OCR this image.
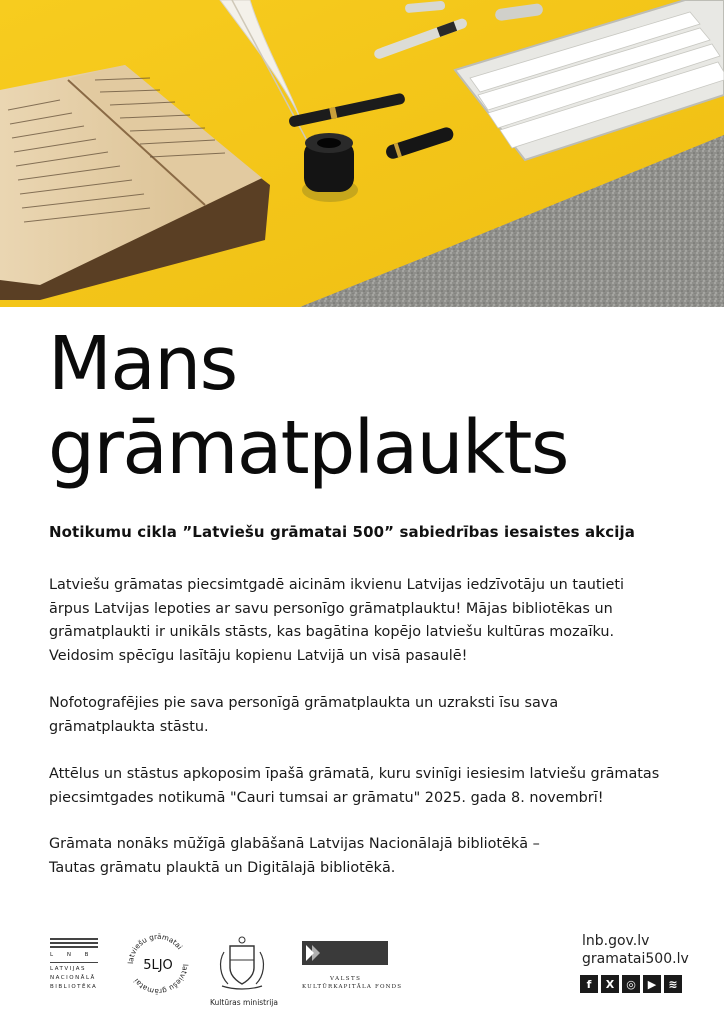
Mans
grāmatplaukts
Notikumu cikla ”Latviešu grāmatai 500” sabiedrības iesaistes akcija

Latviešu grāmatas piecsimtgadē aicinām ikvienu Latvijas iedzīvotāju un tautieti
ārpus Latvijas lepoties ar savu personīgo grāmatplauktu! Mājas bibliotēkas un
grāmatplaukti ir unikāls stāsts, kas bagātina kopējo latviešu kultūras mozaīku.
Veidosim spēcīgu lasītāju kopienu Latvijā un visā pasaulē!

Nofotografējies pie sava personīgā grāmatplaukta un uzraksti īsu sava
grāmatplaukta stāstu.

Attēlus un stāstus apkoposim īpašā grāmatā, kuru svinīgi iesiesim latviešu grāmatas
piecsimtgades notikumā "Cauri tumsai ar grāmatu" 2025. gada 8. novembrī!

Grāmata nonāks mūžīgā glabāšanā Latvijas Nacionālajā bibliotēkā –
Tautas grāmatu plauktā un Digitālajā bibliotēkā.

L N B
LATVIJAS
NACIONĀLĀ
BIBLIOTĒKA
latviešu grāmatai
latviešu grāmatai
5LJO
Kultūras ministrija
VALSTS
KULTŪRKAPITĀLA FONDS
lnb.gov.lv
gramatai500.lv
f	X	◎	▶	≋
